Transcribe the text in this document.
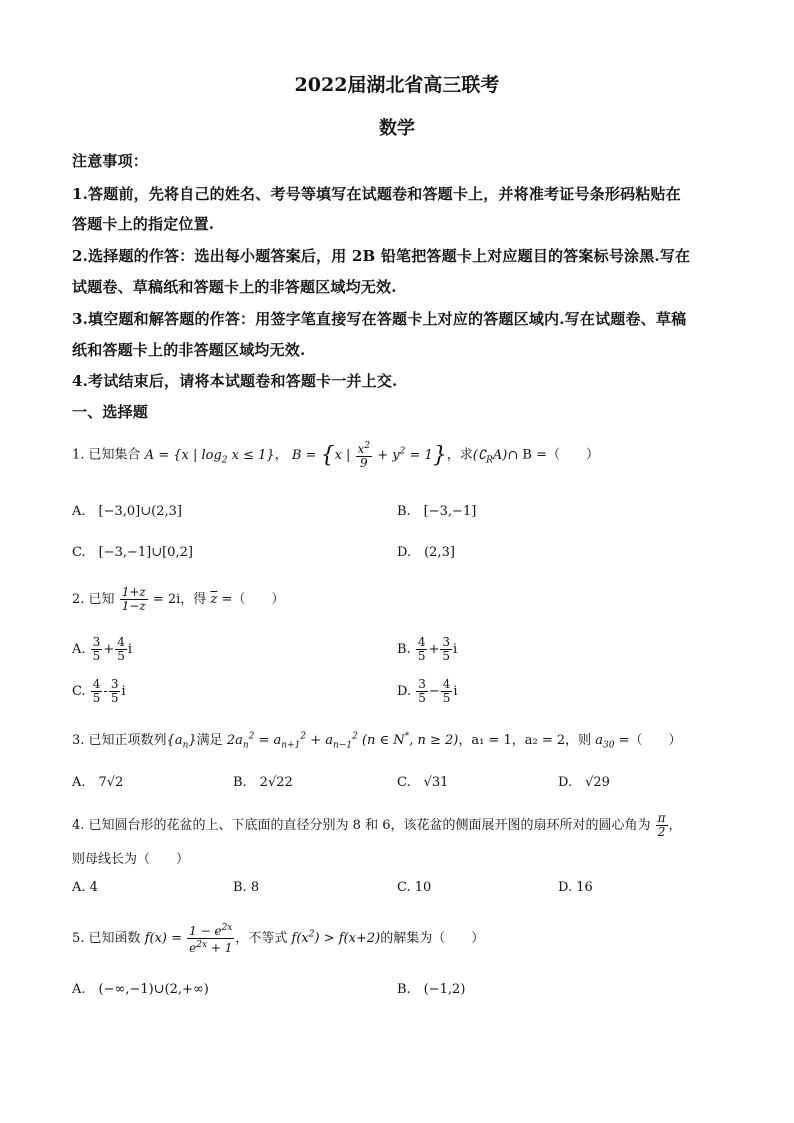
2022届湖北省高三联考
数学
注意事项：
1.答题前，先将自己的姓名、考号等填写在试题卷和答题卡上，并将准考证号条形码粘贴在
答题卡上的指定位置.
2.选择题的作答：选出每小题答案后，用 2B 铅笔把答题卡上对应题目的答案标号涂黑.写在
试题卷、草稿纸和答题卡上的非答题区域均无效.
3.填空题和解答题的作答：用签字笔直接写在答题卡上对应的答题区域内.写在试题卷、草稿
纸和答题卡上的非答题区域均无效.
4.考试结束后，请将本试题卷和答题卡一并上交.
一、选择题
1. 已知集合 A = {x | $\log_2 x \le 1$}， B = {x | $\frac{x^2}{9} + y^2 = 1$}，求$(∁_RA)\cap$ B =（　　）
A.　[−3,0]∪(2,3]	B.　[−3,−1]
C.　[−3,−1]∪[0,2]	D.　(2,3]
2. 已知 $\frac{1+z}{1-z} = 2i$，得 $\overline{z}$ =（　　）
A. $\frac{3}{5} + \frac{4}{5}$ i	B. $\frac{4}{5} + \frac{3}{5}$ i
C. $\frac{4}{5} - \frac{3}{5}$ i	D. $\frac{3}{5} - \frac{4}{5}$ i
3. 已知正项数列$\{a_n\}$满足 $2a_n^2 = a_{n+1}^2 + a_{n-1}^2$ (n ∈ N*, n ≥ 2)，a₁ = 1，a₂ = 2，则 $a_{30}$ =（　　）
A.　7√2	B.　2√22	C.　√31	D.　√29
4. 已知圆台形的花盆的上、下底面的直径分别为 8 和 6，该花盆的侧面展开图的扇环所对的圆心角为 $\frac{\pi}{2}$ ，
则母线长为（　　）
A. 4	B. 8	C. 10	D. 16
5. 已知函数 $f(x) = \frac{1 - e^{2x}}{e^{2x} + 1}$ ，不等式 $f(x^2) > f(x+2)$的解集为（　　）
A.　(−∞,−1)∪(2,+∞)	B.　(−1,2)
